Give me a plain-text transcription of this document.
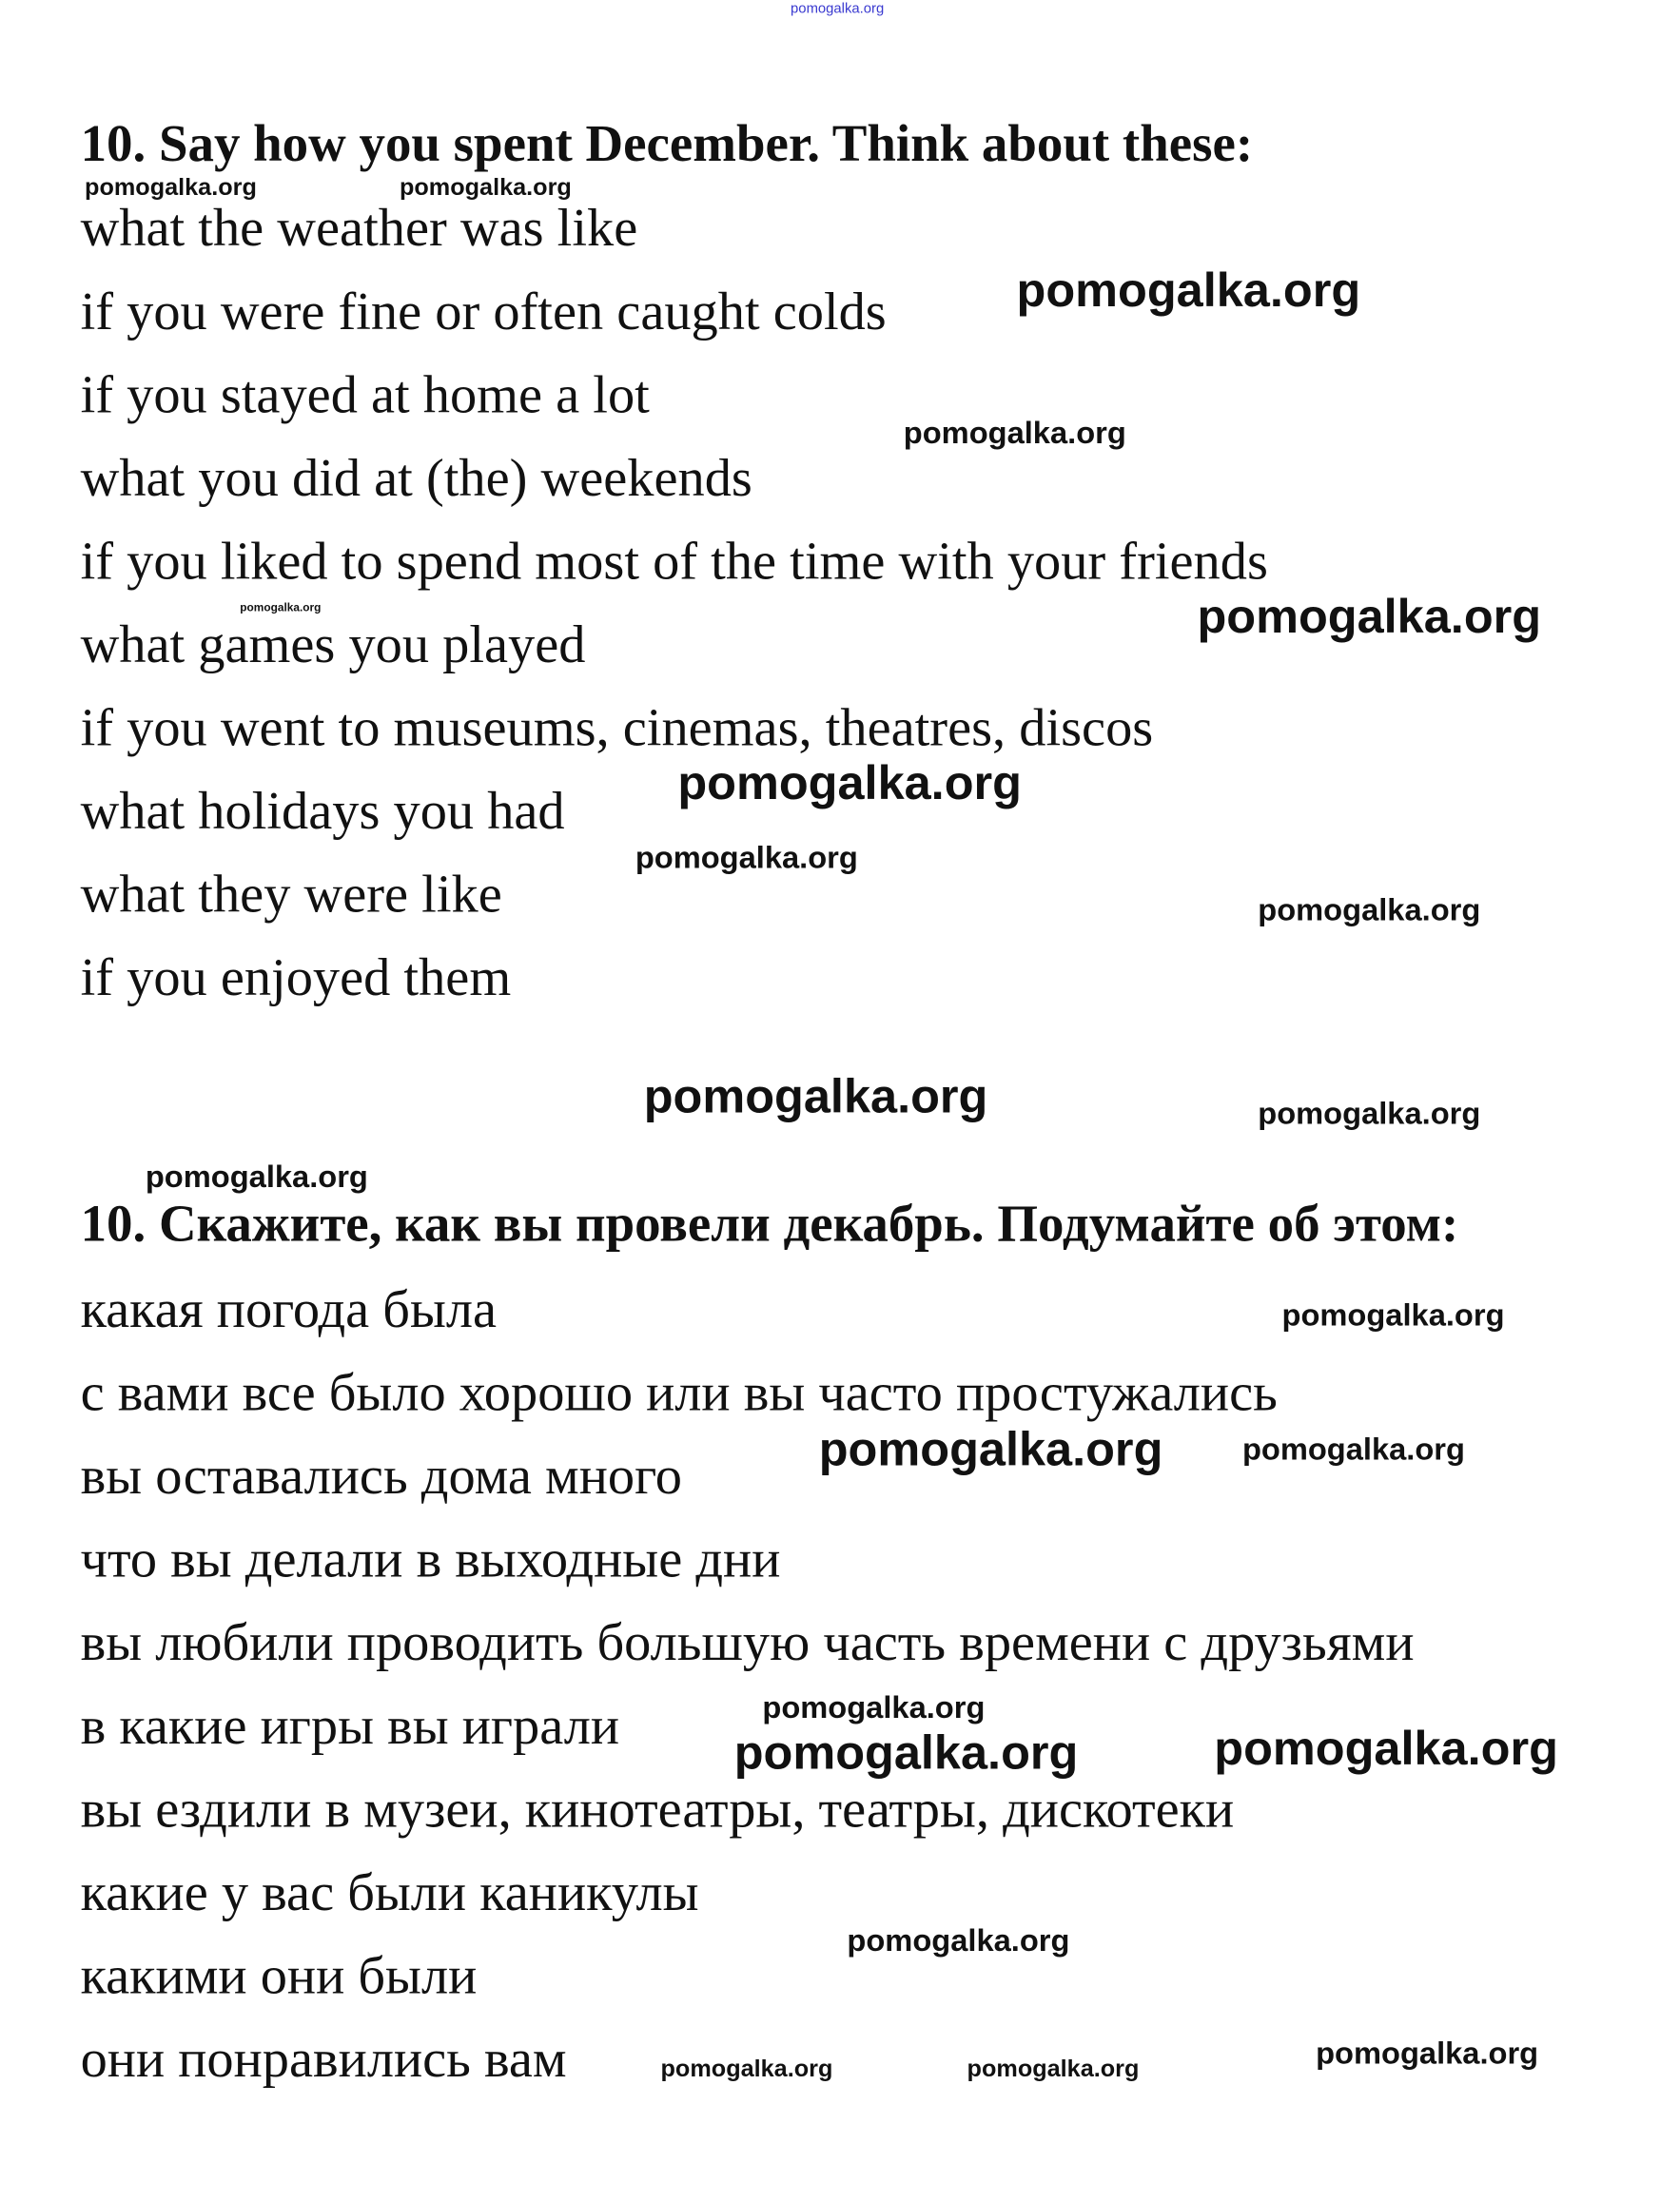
10. Say how you spent December. Think about these:
what the weather was like
if you were fine or often caught colds
if you stayed at home a lot
what you did at (the) weekends
if you liked to spend most of the time with your friends
what games you played
if you went to museums, cinemas, theatres, discos
what holidays you had
what they were like
if you enjoyed them
10. Скажите, как вы провели декабрь. Подумайте об этом:
какая погода была
с вами все было хорошо или вы часто простужались
вы оставались дома много
что вы делали в выходные дни
вы любили проводить большую часть времени с друзьями
в какие игры вы играли
вы ездили в музеи, кинотеатры, театры, дискотеки
какие у вас были каникулы
какими они были
они понравились вам
pomogalka.org
pomogalka.org	pomogalka.org
pomogalka.org
pomogalka.org
pomogalka.org
pomogalka.org
pomogalka.org
pomogalka.org
pomogalka.org
pomogalka.org	pomogalka.org
pomogalka.org
pomogalka.org
pomogalka.org
pomogalka.org
pomogalka.org
pomogalka.org
pomogalka.org
pomogalka.org
pomogalka.org
pomogalka.org	pomogalka.org
